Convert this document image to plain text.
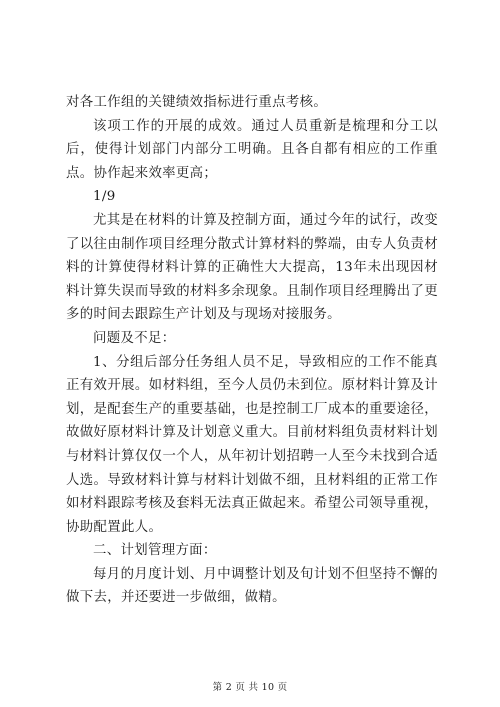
对各工作组的关键绩效指标进行重点考核。

该项工作的开展的成效。通过人员重新是梳理和分工以后，使得计划部门内部分工明确。且各自都有相应的工作重点。协作起来效率更高；

1/9

尤其是在材料的计算及控制方面，通过今年的试行，改变了以往由制作项目经理分散式计算材料的弊端，由专人负责材料的计算使得材料计算的正确性大大提高，13年未出现因材料计算失误而导致的材料多余现象。且制作项目经理腾出了更多的时间去跟踪生产计划及与现场对接服务。

问题及不足：

1、分组后部分任务组人员不足，导致相应的工作不能真正有效开展。如材料组，至今人员仍未到位。原材料计算及计划，是配套生产的重要基础，也是控制工厂成本的重要途径，故做好原材料计算及计划意义重大。目前材料组负责材料计划与材料计算仅仅一个人，从年初计划招聘一人至今未找到合适人选。导致材料计算与材料计划做不细，且材料组的正常工作如材料跟踪考核及套料无法真正做起来。希望公司领导重视，协助配置此人。

二、计划管理方面：

每月的月度计划、月中调整计划及旬计划不但坚持不懈的做下去，并还要进一步做细，做精。

第 2 页 共 10 页
